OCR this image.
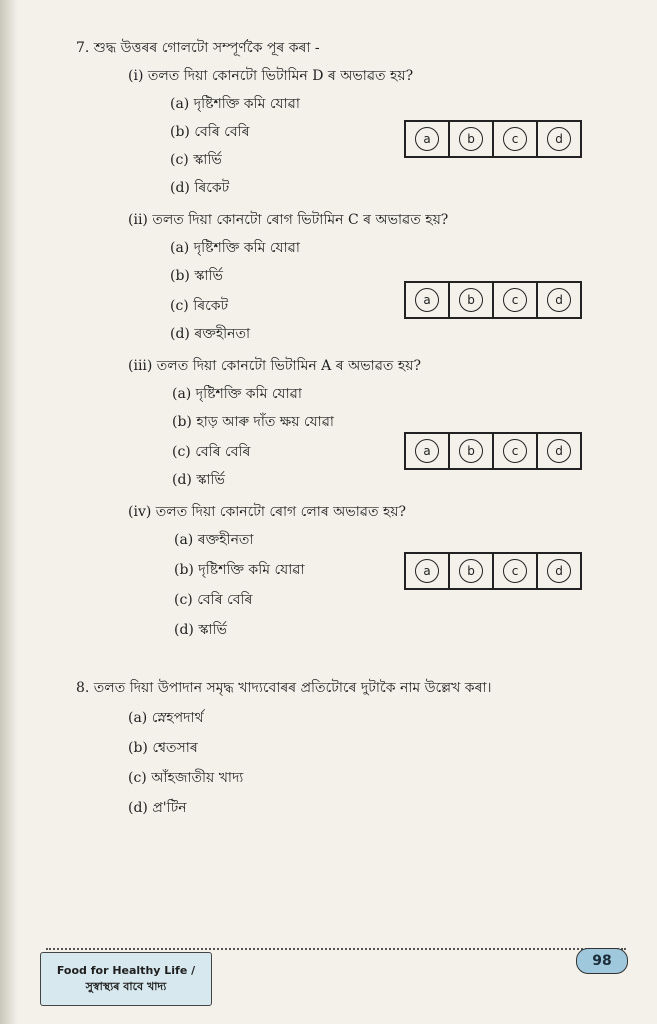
7. শুদ্ধ উত্তৰৰ গোলটো সম্পূৰ্ণকৈ পূৰ কৰা -
(i) তলত দিয়া কোনটো ভিটামিন D ৰ অভাৱত হয়?
(a) দৃষ্টিশক্তি কমি যোৱা
(b) বেৰি বেৰি
(c) স্কাৰ্ভি
(d) ৰিকেট
a	b	c	d
(ii) তলত দিয়া কোনটো ৰোগ ভিটামিন C ৰ অভাৱত হয়?
(a) দৃষ্টিশক্তি কমি যোৱা
(b) স্কাৰ্ভি
(c) ৰিকেট
(d) ৰক্তহীনতা
a	b	c	d
(iii) তলত দিয়া কোনটো ভিটামিন A ৰ অভাৱত হয়?
(a) দৃষ্টিশক্তি কমি যোৱা
(b) হাড় আৰু দাঁত ক্ষয় যোৱা
(c) বেৰি বেৰি
(d) স্কাৰ্ভি
a	b	c	d
(iv) তলত দিয়া কোনটো ৰোগ লোৰ অভাৱত হয়?
(a) ৰক্তহীনতা
(b) দৃষ্টিশক্তি কমি যোৱা
(c) বেৰি বেৰি
(d) স্কাৰ্ভি
a	b	c	d
8. তলত দিয়া উপাদান সমৃদ্ধ খাদ্যবোৰৰ প্ৰতিটোৰে দুটাকৈ নাম উল্লেখ কৰা।
(a) স্নেহপদাৰ্থ
(b) শ্বেতসাৰ
(c) আঁহজাতীয় খাদ্য
(d) প্ৰ'টিন
Food for Healthy Life /
সুস্বাস্থ্যৰ বাবে খাদ্য
98
